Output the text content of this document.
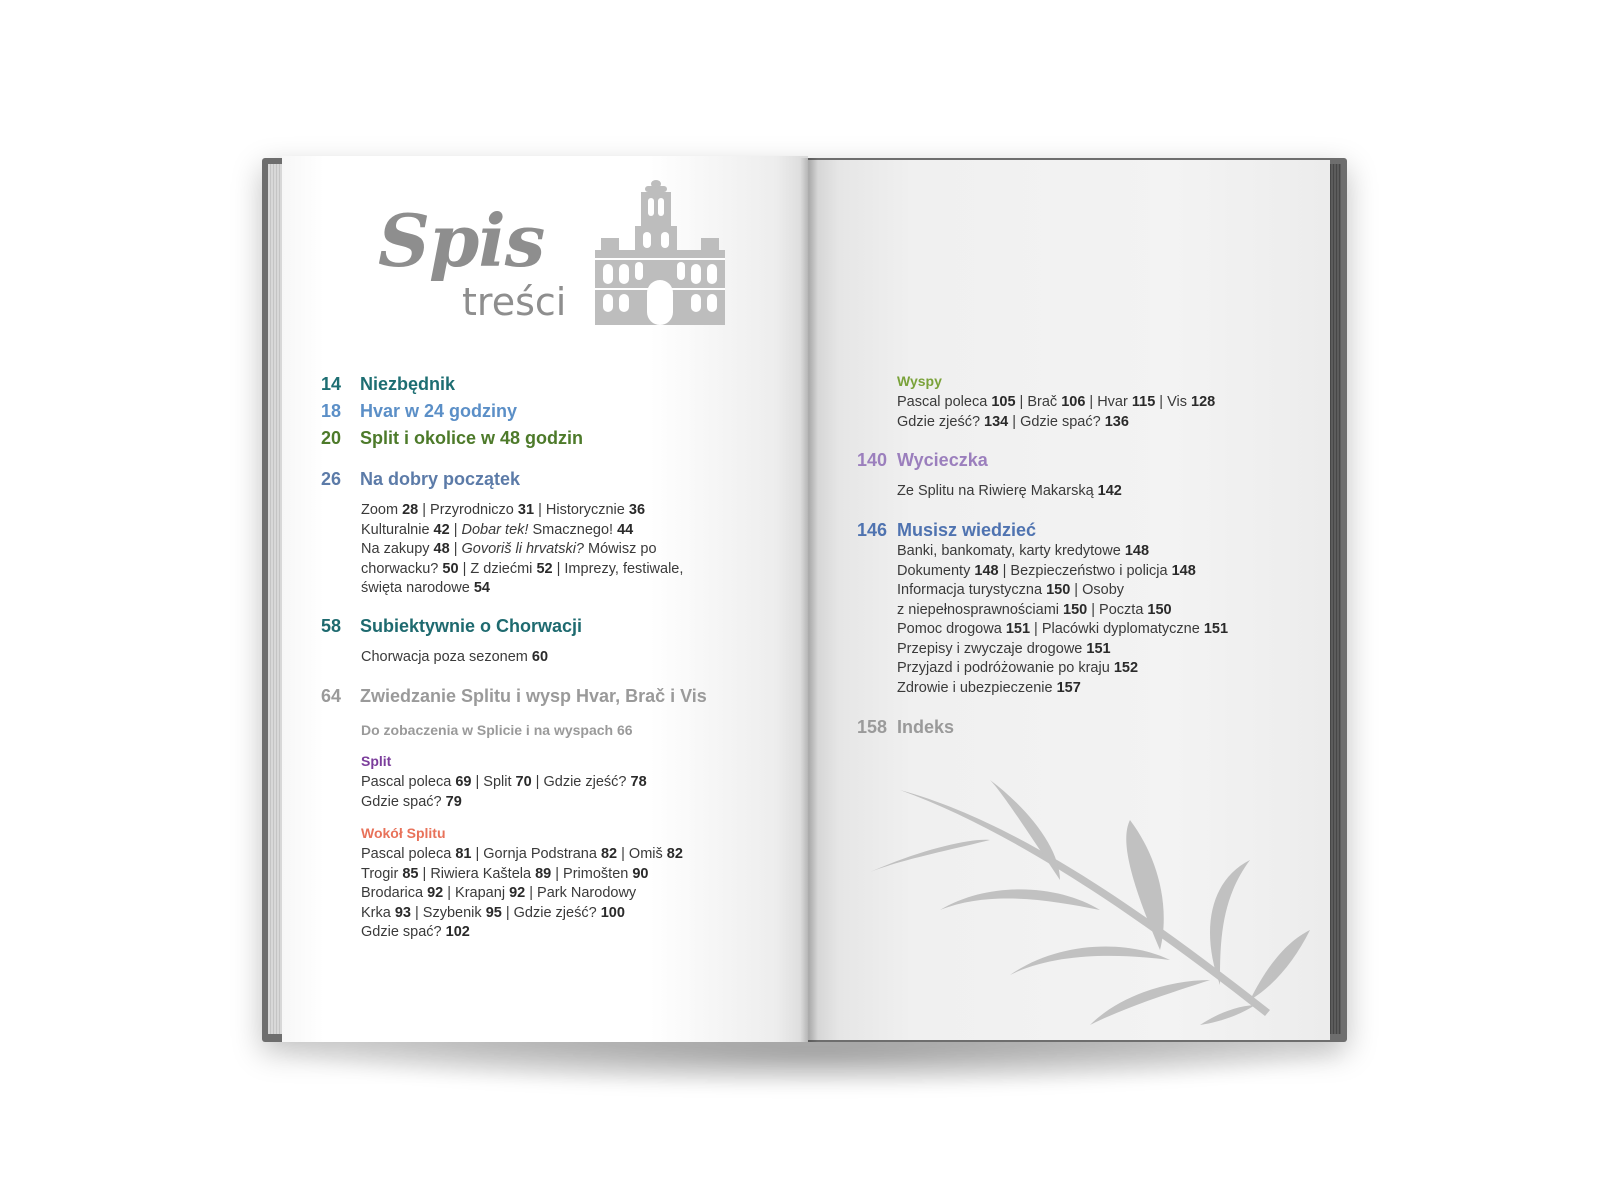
Spis
treści
14 Niezbędnik
18 Hvar w 24 godziny
20 Split i okolice w 48 godzin
26 Na dobry początek
Zoom 28 | Przyrodniczo 31 | Historycznie 36
Kulturalnie 42 | Dobar tek! Smacznego! 44
Na zakupy 48 | Govoriš li hrvatski? Mówisz po
chorwacku? 50 | Z dziećmi 52 | Imprezy, festiwale,
święta narodowe 54
58 Subiektywnie o Chorwacji
Chorwacja poza sezonem 60
64 Zwiedzanie Splitu i wysp Hvar, Brač i Vis
Do zobaczenia w Splicie i na wyspach 66
Split
Pascal poleca 69 | Split 70 | Gdzie zjeść? 78
Gdzie spać? 79
Wokół Splitu
Pascal poleca 81 | Gornja Podstrana 82 | Omiš 82
Trogir 85 | Riwiera Kaštela 89 | Primošten 90
Brodarica 92 | Krapanj 92 | Park Narodowy
Krka 93 | Szybenik 95 | Gdzie zjeść? 100
Gdzie spać? 102
Wyspy
Pascal poleca 105 | Brač 106 | Hvar 115 | Vis 128
Gdzie zjeść? 134 | Gdzie spać? 136
140 Wycieczka
Ze Splitu na Riwierę Makarską 142
146 Musisz wiedzieć
Banki, bankomaty, karty kredytowe 148
Dokumenty 148 | Bezpieczeństwo i policja 148
Informacja turystyczna 150 | Osoby
z niepełnosprawnościami 150 | Poczta 150
Pomoc drogowa 151 | Placówki dyplomatyczne 151
Przepisy i zwyczaje drogowe 151
Przyjazd i podróżowanie po kraju 152
Zdrowie i ubezpieczenie 157
158 Indeks
